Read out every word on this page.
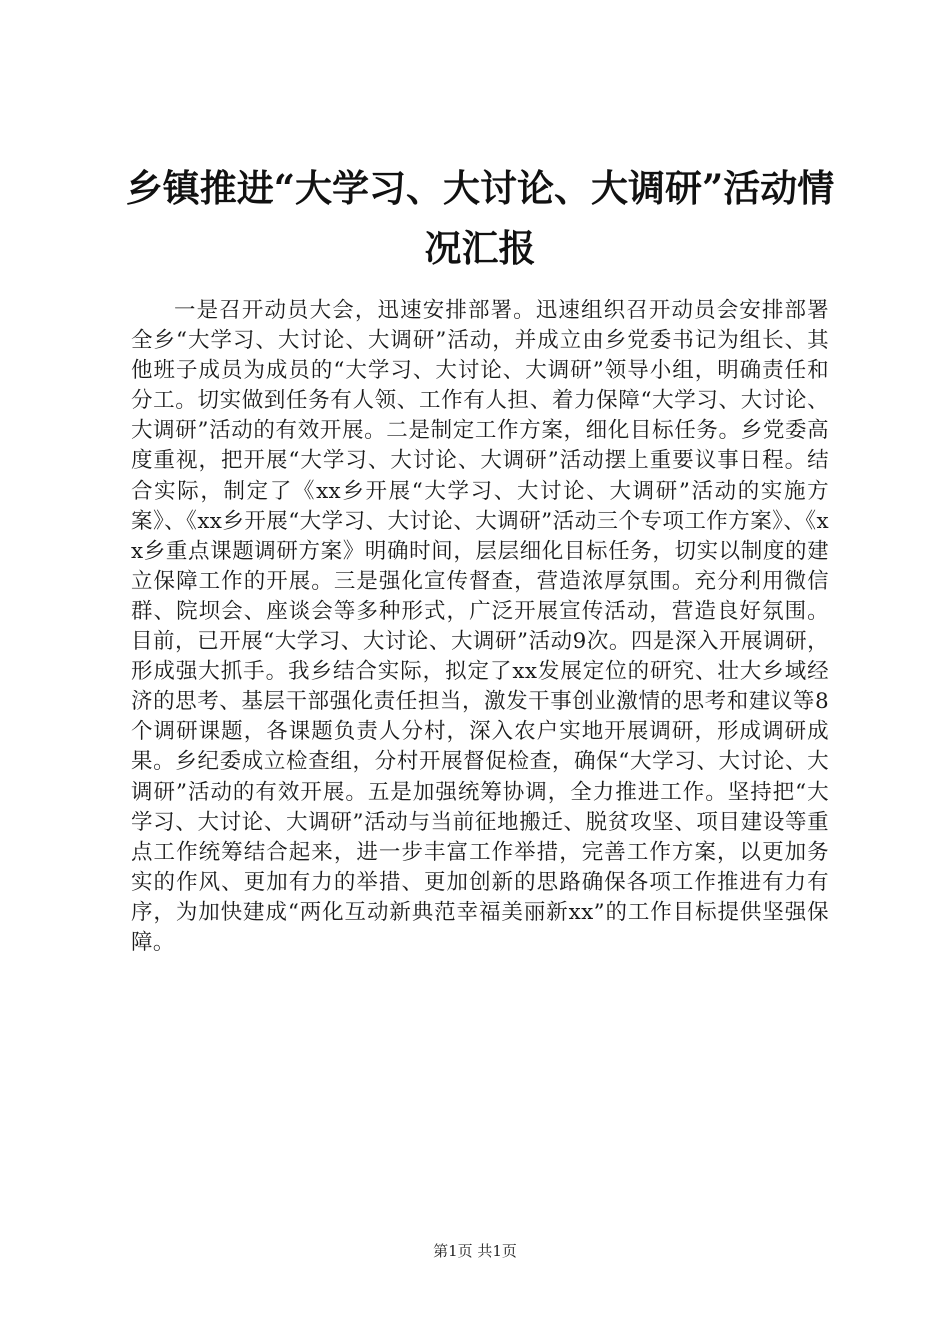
乡镇推进“大学习、大讨论、大调研”活动情况汇报

一是召开动员大会，迅速安排部署。迅速组织召开动员会安排部署全乡“大学习、大讨论、大调研”活动，并成立由乡党委书记为组长、其他班子成员为成员的“大学习、大讨论、大调研”领导小组，明确责任和分工。切实做到任务有人领、工作有人担、着力保障“大学习、大讨论、大调研”活动的有效开展。二是制定工作方案，细化目标任务。乡党委高度重视，把开展“大学习、大讨论、大调研”活动摆上重要议事日程。结合实际，制定了《xx乡开展“大学习、大讨论、大调研”活动的实施方案》、《xx乡开展“大学习、大讨论、大调研”活动三个专项工作方案》、《xx乡重点课题调研方案》明确时间，层层细化目标任务，切实以制度的建立保障工作的开展。三是强化宣传督查，营造浓厚氛围。充分利用微信群、院坝会、座谈会等多种形式，广泛开展宣传活动，营造良好氛围。目前，已开展“大学习、大讨论、大调研”活动9次。四是深入开展调研，形成强大抓手。我乡结合实际，拟定了xx发展定位的研究、壮大乡域经济的思考、基层干部强化责任担当，激发干事创业激情的思考和建议等8个调研课题，各课题负责人分村，深入农户实地开展调研，形成调研成果。乡纪委成立检查组，分村开展督促检查，确保“大学习、大讨论、大调研”活动的有效开展。五是加强统筹协调，全力推进工作。坚持把“大学习、大讨论、大调研”活动与当前征地搬迁、脱贫攻坚、项目建设等重点工作统筹结合起来，进一步丰富工作举措，完善工作方案，以更加务实的作风、更加有力的举措、更加创新的思路确保各项工作推进有力有序，为加快建成“两化互动新典范幸福美丽新xx”的工作目标提供坚强保障。

第1页 共1页
